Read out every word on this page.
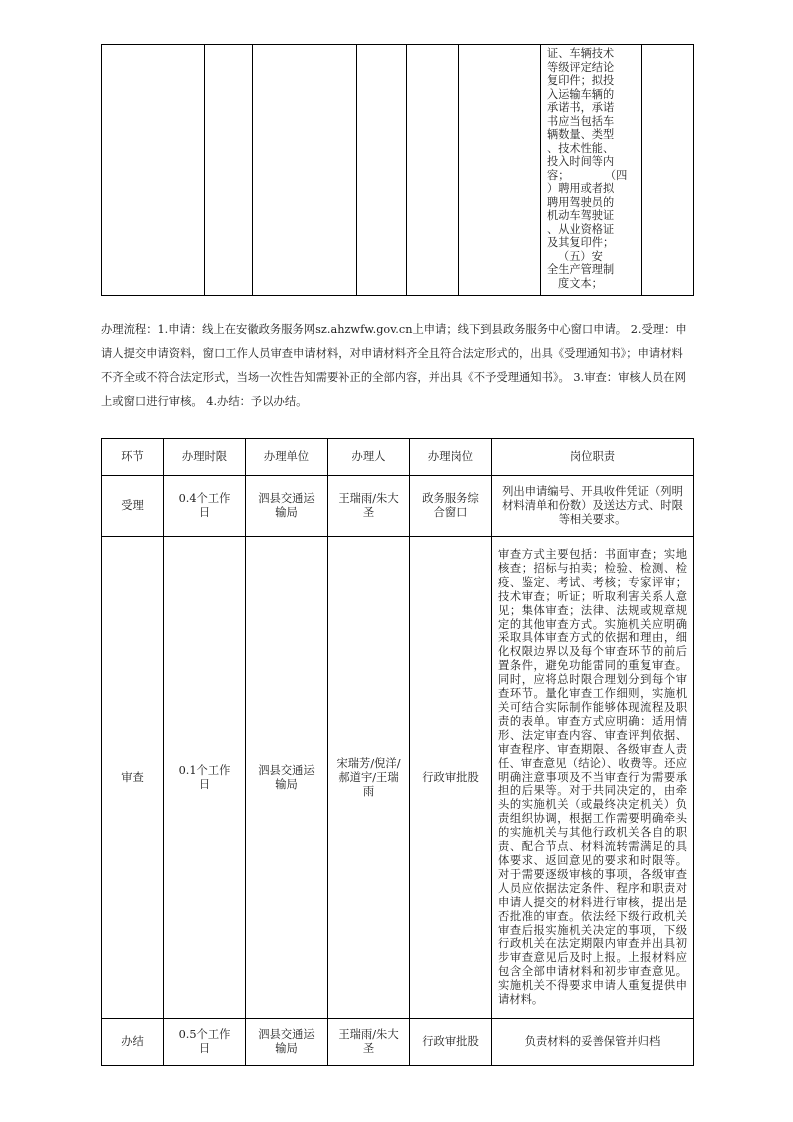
证、车辆技术
等级评定结论
复印件；拟投
入运输车辆的
承诺书，承诺
书应当包括车
辆数量、类型
、技术性能、
投入时间等内
容；          （四
）聘用或者拟
聘用驾驶员的
机动车驾驶证
、从业资格证
及其复印件；
（五）安
全生产管理制
度文本；

办理流程：1.申请：线上在安徽政务服务网sz.ahzwfw.gov.cn上申请；线下到县政务服务中心窗口申请。 2.受理：申请人提交申请资料，窗口工作人员审查申请材料，对申请材料齐全且符合法定形式的，出具《受理通知书》；申请材料不齐全或不符合法定形式，当场一次性告知需要补正的全部内容，并出具《不予受理通知书》。 3.审查：审核人员在网上或窗口进行审核。 4.办结：予以办结。
环节	办理时限	办理单位	办理人	办理岗位	岗位职责
受理	0.4个工作日	泗县交通运输局	王瑞雨/朱大圣	政务服务综合窗口	列出申请编号、开具收件凭证（列明材料清单和份数）及送达方式、时限等相关要求。
审查	0.1个工作日	泗县交通运输局	宋瑞芳/倪洋/郝道宇/王瑞雨	行政审批股	审查方式主要包括：书面审查；实地核查；招标与拍卖；检验、检测、检疫、鉴定、考试、考核；专家评审；技术审查；听证；听取利害关系人意见；集体审查；法律、法规或规章规定的其他审查方式。实施机关应明确采取具体审查方式的依据和理由，细化权限边界以及每个审查环节的前后置条件，避免功能雷同的重复审查。同时，应将总时限合理划分到每个审查环节。量化审查工作细则，实施机关可结合实际制作能够体现流程及职责的表单。审查方式应明确：适用情形、法定审查内容、审查评判依据、审查程序、审查期限、各级审查人责任、审查意见（结论）、收费等。还应明确注意事项及不当审查行为需要承担的后果等。对于共同决定的，由牵头的实施机关（或最终决定机关）负责组织协调，根据工作需要明确牵头的实施机关与其他行政机关各自的职责、配合节点、材料流转需满足的具体要求、返回意见的要求和时限等。对于需要逐级审核的事项，各级审查人员应依据法定条件、程序和职责对申请人提交的材料进行审核，提出是否批准的审查。依法经下级行政机关审查后报实施机关决定的事项，下级行政机关在法定期限内审查并出具初步审查意见后及时上报。上报材料应包含全部申请材料和初步审查意见。实施机关不得要求申请人重复提供申请材料。
办结	0.5个工作日	泗县交通运输局	王瑞雨/朱大圣	行政审批股	负责材料的妥善保管并归档
